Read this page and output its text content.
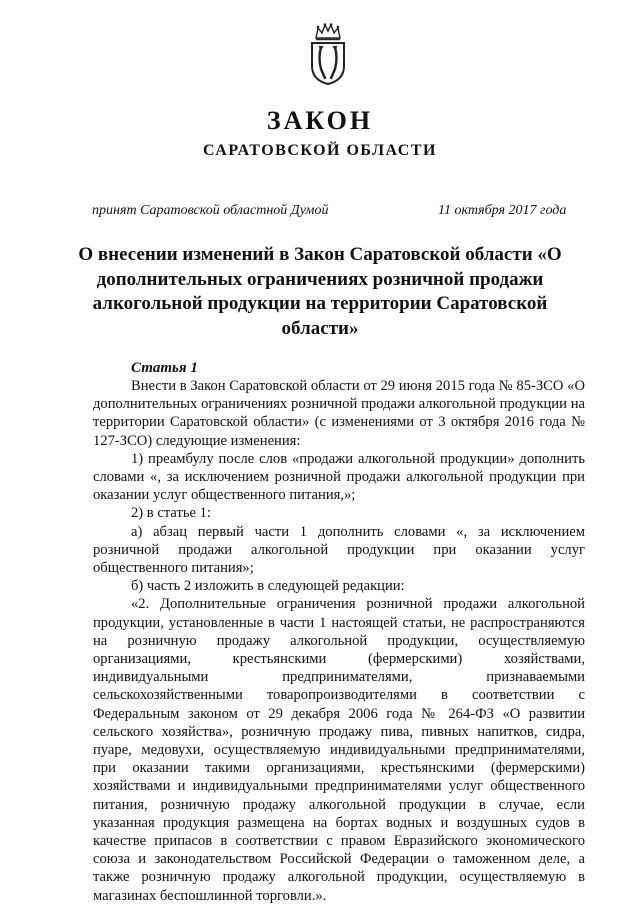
ЗАКОН
САРАТОВСКОЙ ОБЛАСТИ
принят Саратовской областной Думой	11 октября 2017 года
О внесении изменений в Закон Саратовской области «О дополнительных ограничениях розничной продажи алкогольной продукции на территории Саратовской области»
Статья 1

Внести в Закон Саратовской области от 29 июня 2015 года № 85-ЗСО «О дополнительных ограничениях розничной продажи алкогольной продукции на территории Саратовской области» (с изменениями от 3 октября 2016 года № 127-ЗСО) следующие изменения:

1) преамбулу после слов «продажи алкогольной продукции» дополнить словами «, за исключением розничной продажи алкогольной продукции при оказании услуг общественного питания,»;

2) в статье 1:

а) абзац первый части 1 дополнить словами «, за исключением розничной продажи алкогольной продукции при оказании услуг общественного питания»;

б) часть 2 изложить в следующей редакции:

«2. Дополнительные ограничения розничной продажи алкогольной продукции, установленные в части 1 настоящей статьи, не распространяются на розничную продажу алкогольной продукции, осуществляемую организациями, крестьянскими (фермерскими) хозяйствами, индивидуальными предпринимателями, признаваемыми сельскохозяйственными товаропроизводителями в соответствии с Федеральным законом от 29 декабря 2006 года № 264-ФЗ «О развитии сельского хозяйства», розничную продажу пива, пивных напитков, сидра, пуаре, медовухи, осуществляемую индивидуальными предпринимателями, при оказании такими организациями, крестьянскими (фермерскими) хозяйствами и индивидуальными предпринимателями услуг общественного питания, розничную продажу алкогольной продукции в случае, если указанная продукция размещена на бортах водных и воздушных судов в качестве припасов в соответствии с правом Евразийского экономического союза и законодательством Российской Федерации о таможенном деле, а также розничную продажу алкогольной продукции, осуществляемую в магазинах беспошлинной торговли.».
